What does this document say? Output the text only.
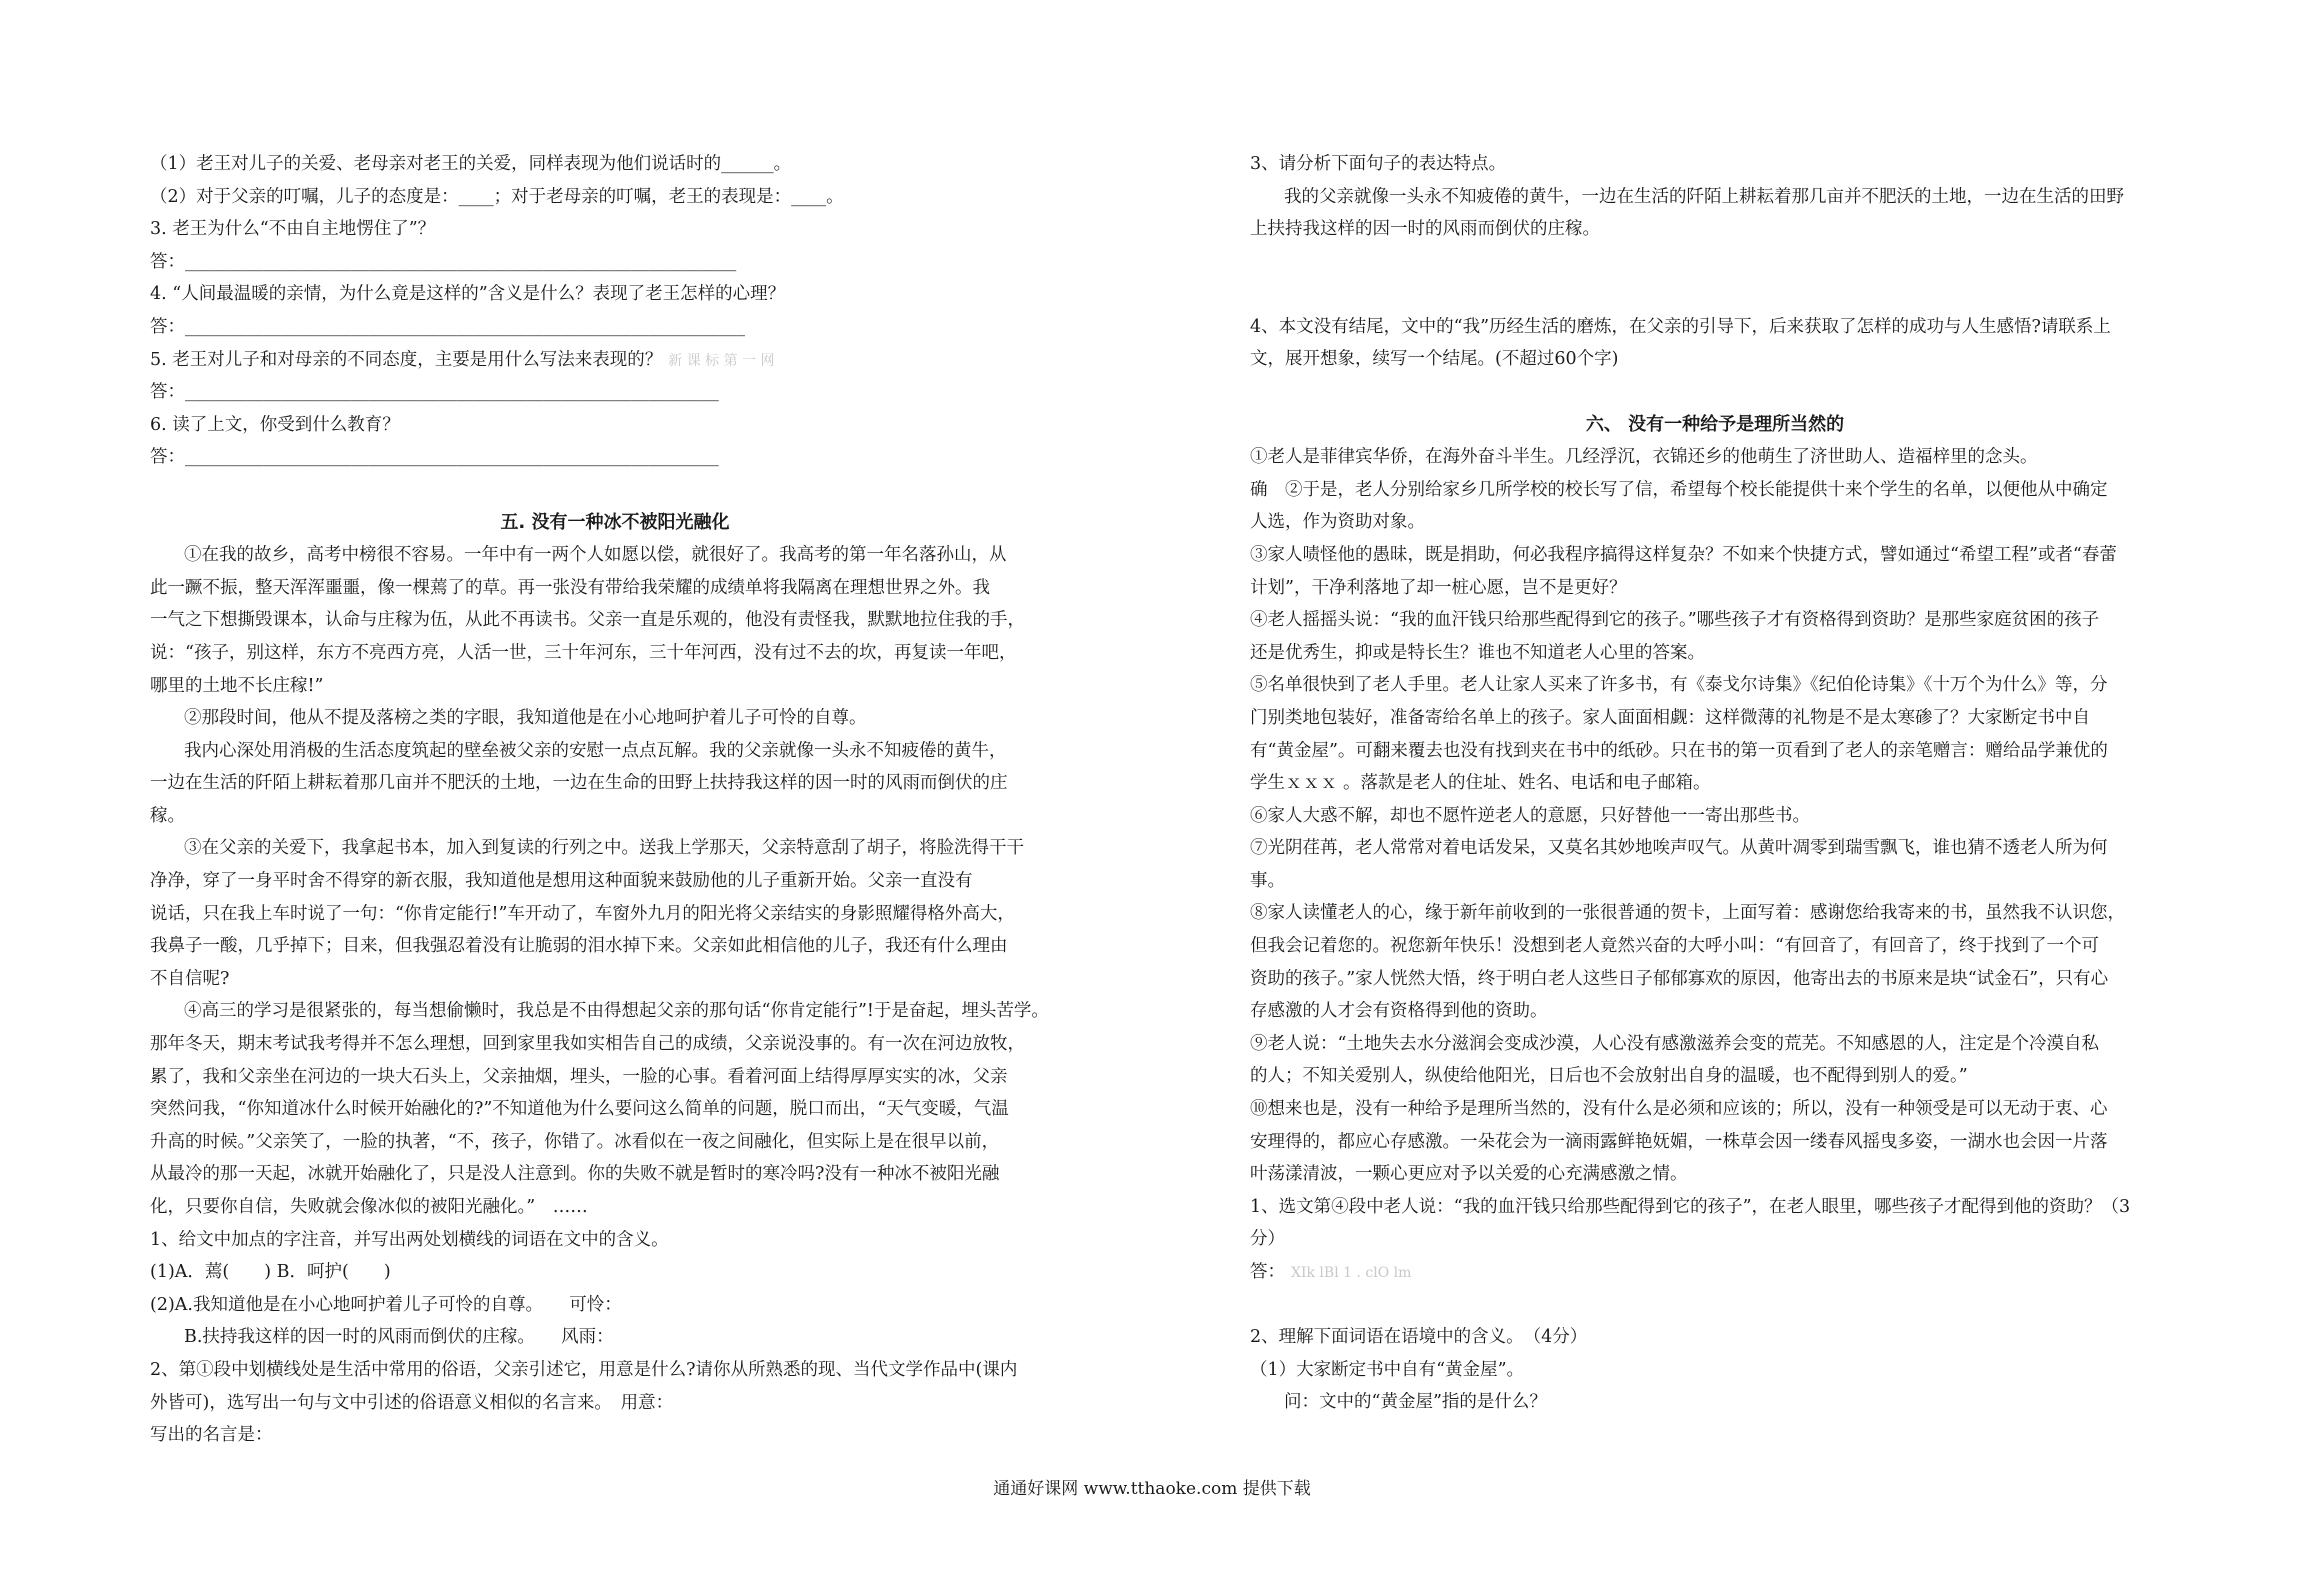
（1）老王对儿子的关爱、老母亲对老王的关爱，同样表现为他们说话时的______。
（2）对于父亲的叮嘱，儿子的态度是：____；对于老母亲的叮嘱，老王的表现是：____。
3. 老王为什么“不由自主地愣住了”？
答：_______________________________________________________________
4. “人间最温暖的亲情，为什么竟是这样的”含义是什么？表现了老王怎样的心理？
答：________________________________________________________________
5. 老王对儿子和对母亲的不同态度，主要是用什么写法来表现的？ 新 课 标 第 一 网
答：_____________________________________________________________
6. 读了上文，你受到什么教育？
答：_____________________________________________________________
五. 没有一种冰不被阳光融化
①在我的故乡，高考中榜很不容易。一年中有一两个人如愿以偿，就很好了。我高考的第一年名落孙山，从
此一蹶不振，整天浑浑噩噩，像一棵蔫了的草。再一张没有带给我荣耀的成绩单将我隔离在理想世界之外。我
一气之下想撕毁课本，认命与庄稼为伍，从此不再读书。父亲一直是乐观的，他没有责怪我，默默地拉住我的手，
说：“孩子，别这样，东方不亮西方亮，人活一世，三十年河东，三十年河西，没有过不去的坎，再复读一年吧，
哪里的土地不长庄稼!”
②那段时间，他从不提及落榜之类的字眼，我知道他是在小心地呵护着儿子可怜的自尊。
我内心深处用消极的生活态度筑起的壁垒被父亲的安慰一点点瓦解。我的父亲就像一头永不知疲倦的黄牛，
一边在生活的阡陌上耕耘着那几亩并不肥沃的土地，一边在生命的田野上扶持我这样的因一时的风雨而倒伏的庄
稼。
③在父亲的关爱下，我拿起书本，加入到复读的行列之中。送我上学那天，父亲特意刮了胡子，将脸洗得干干
净净，穿了一身平时舍不得穿的新衣服，我知道他是想用这种面貌来鼓励他的儿子重新开始。父亲一直没有
说话，只在我上车时说了一句：“你肯定能行!”车开动了，车窗外九月的阳光将父亲结实的身影照耀得格外高大，
我鼻子一酸，几乎掉下；目来，但我强忍着没有让脆弱的泪水掉下来。父亲如此相信他的儿子，我还有什么理由
不自信呢?
④高三的学习是很紧张的，每当想偷懒时，我总是不由得想起父亲的那句话“你肯定能行”!于是奋起，埋头苦学。
那年冬天，期末考试我考得并不怎么理想，回到家里我如实相告自己的成绩，父亲说没事的。有一次在河边放牧，
累了，我和父亲坐在河边的一块大石头上，父亲抽烟，埋头，一脸的心事。看着河面上结得厚厚实实的冰，父亲
突然问我，“你知道冰什么时候开始融化的?”不知道他为什么要问这么简单的问题，脱口而出，“天气变暖，气温
升高的时候。”父亲笑了，一脸的执著，“不，孩子，你错了。冰看似在一夜之间融化，但实际上是在很早以前，
从最冷的那一天起，冰就开始融化了，只是没人注意到。你的失败不就是暂时的寒冷吗?没有一种冰不被阳光融
化，只要你自信，失败就会像冰似的被阳光融化。”　……
1、给文中加点的字注音，并写出两处划横线的词语在文中的含义。
(1)A．蔫(　　) B．呵护(　　)
(2)A.我知道他是在小心地呵护着儿子可怜的自尊。　　可怜：
B.扶持我这样的因一时的风雨而倒伏的庄稼。　　风雨：
2、第①段中划横线处是生活中常用的俗语，父亲引述它，用意是什么?请你从所熟悉的现、当代文学作品中(课内
外皆可)，选写出一句与文中引述的俗语意义相似的名言来。　用意：
写出的名言是：
3、请分析下面句子的表达特点。
我的父亲就像一头永不知疲倦的黄牛，一边在生活的阡陌上耕耘着那几亩并不肥沃的土地，一边在生活的田野
上扶持我这样的因一时的风雨而倒伏的庄稼。
4、本文没有结尾，文中的“我”历经生活的磨炼，在父亲的引导下，后来获取了怎样的成功与人生感悟?请联系上
文，展开想象，续写一个结尾。(不超过60个字)
六、 没有一种给予是理所当然的
①老人是菲律宾华侨，在海外奋斗半生。几经浮沉，衣锦还乡的他萌生了济世助人、造福梓里的念头。
确　②于是，老人分别给家乡几所学校的校长写了信，希望每个校长能提供十来个学生的名单，以便他从中确定
人选，作为资助对象。
③家人啧怪他的愚昧，既是捐助，何必我程序搞得这样复杂？不如来个快捷方式，譬如通过“希望工程”或者“春蕾
计划”，干净利落地了却一桩心愿，岂不是更好？
④老人摇摇头说：“我的血汗钱只给那些配得到它的孩子。”哪些孩子才有资格得到资助？是那些家庭贫困的孩子
还是优秀生，抑或是特长生？谁也不知道老人心里的答案。
⑤名单很快到了老人手里。老人让家人买来了许多书，有《泰戈尔诗集》《纪伯伦诗集》《十万个为什么》等，分
门别类地包装好，准备寄给名单上的孩子。家人面面相觑：这样微薄的礼物是不是太寒碜了？大家断定书中自
有“黄金屋”。可翻来覆去也没有找到夹在书中的纸砂。只在书的第一页看到了老人的亲笔赠言：赠给品学兼优的
学生ｘｘｘ 。落款是老人的住址、姓名、电话和电子邮箱。
⑥家人大惑不解，却也不愿忤逆老人的意愿，只好替他一一寄出那些书。
⑦光阴荏苒，老人常常对着电话发呆，又莫名其妙地唉声叹气。从黄叶凋零到瑞雪飘飞，谁也猜不透老人所为何
事。
⑧家人读懂老人的心，缘于新年前收到的一张很普通的贺卡，上面写着：感谢您给我寄来的书，虽然我不认识您，
但我会记着您的。祝您新年快乐！没想到老人竟然兴奋的大呼小叫：“有回音了，有回音了，终于找到了一个可
资助的孩子。”家人恍然大悟，终于明白老人这些日子郁郁寡欢的原因，他寄出去的书原来是块“试金石”，只有心
存感激的人才会有资格得到他的资助。
⑨老人说：“土地失去水分滋润会变成沙漠，人心没有感激滋养会变的荒芜。不知感恩的人，注定是个冷漠自私
的人；不知关爱别人，纵使给他阳光，日后也不会放射出自身的温暖，也不配得到别人的爱。”
⑩想来也是，没有一种给予是理所当然的，没有什么是必须和应该的；所以，没有一种领受是可以无动于衷、心
安理得的，都应心存感激。一朵花会为一滴雨露鲜艳妩媚，一株草会因一缕春风摇曳多姿，一湖水也会因一片落
叶荡漾清波，一颗心更应对予以关爱的心充满感激之情。
1、选文第④段中老人说：“我的血汗钱只给那些配得到它的孩子”，在老人眼里，哪些孩子才配得到他的资助？（3
分）
答： XIk lBl 1 . clO lm
2、理解下面词语在语境中的含义。　（4分）
（1）大家断定书中自有“黄金屋”。
问：文中的“黄金屋”指的是什么？
通通好课网 www.tthaoke.com 提供下载
